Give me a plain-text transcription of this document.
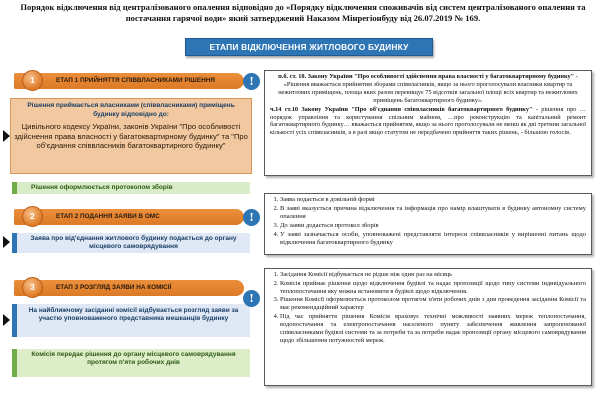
Порядок відключення від централізованого опалення відповідно до «Порядку відключення споживачів від систем централізованого опалення та постачання гарячої води» який затверджений Наказом Мінрегіонбуду від 26.07.2019 № 169.
ЕТАПИ ВІДКЛЮЧЕННЯ ЖИТЛОВОГО БУДИНКУ
ЕТАП 1 ПРИЙНЯТТЯ СПІВВЛАСНИКАМИ РІШЕННЯ
1
Рішення приймається власниками (співвласниками) приміщень будинку відповідно до:
Цивільного кодексу України, законів України "Про особливості здійснення права власності у багатоквартирному будинку" та "Про об'єднання співвласників багатоквартирного будинку"
Рішення оформлюється протоколом зборів
!	п.б. ст. 10. Закону України "Про особливості здійснення права власності у багатоквартирному будинку" - «Рішення вважається прийнятим зборами співвласників, якщо за нього проголосували власники квартир та нежитлових приміщень, площа яких разом перевищує 75 відсотків загальної площі всіх квартир та нежитлових приміщень багатоквартирного будинку».

ч.14 ст.10 Закону України "Про об'єднання співвласників багатоквартирного будинку" - рішення про … порядок управління та користування спільним майном, …про реконструкцію та капітальний ремонт багатоквартирного будинку… вважається прийнятим, якщо за нього проголосували не менш як дві третини загальної кількості усіх співвласників, а в разі якщо статутом не передбачено прийняття таких рішень, - більшою голосів.

ЕТАП 2 ПОДАННЯ ЗАЯВИ В ОМС
2
Заява про від'єднання житлового будинку подається до органу місцевого самоврядування
!
1. Заява подається в довільній формі
2. В заяві вказується причина відключення та інформація про намір влаштувати в будинку автономну систему опалення
3. До заяви додається протокол зборів
4. У заяві зазначається особи, уповноважені представляти інтереси співвласників у вирішенні питань щодо відключення багатоквартирного будинку
ЕТАП 3 РОЗГЛЯД ЗАЯВИ НА КОМІСІЇ
3
На найближчому засіданні комісії відбувається розгляд заяви за участю уповноваженого представника мешканців будинку
Комісія передає рішення до органу місцевого самоврядування протягом п'яти робочих днів
!
1. Засідання Комісії відбувається не рідше ніж один раз на місяць
2. Комісія приймає рішення щодо відключення будівлі та надає пропозиції щодо типу системи індивідуального теплопостачання яку можна встановити в будівлі щодо відключення.
3. Рішення Комісії оформлюється протоколом протягом п'яти робочих днів з дня проведення засідання Комісії та має рекомендаційний характер
4. Під час прийняття рішення Комісія враховує технічні можливості наявних мереж теплопостачання, водопостачання та електропостачання населеного пункту забезпечення живлення запропонованої співвласниками будівлі системи та за потреби та за потреби надає пропозиції органу місцевого самоврядування щодо збільшення потужностей мереж.
